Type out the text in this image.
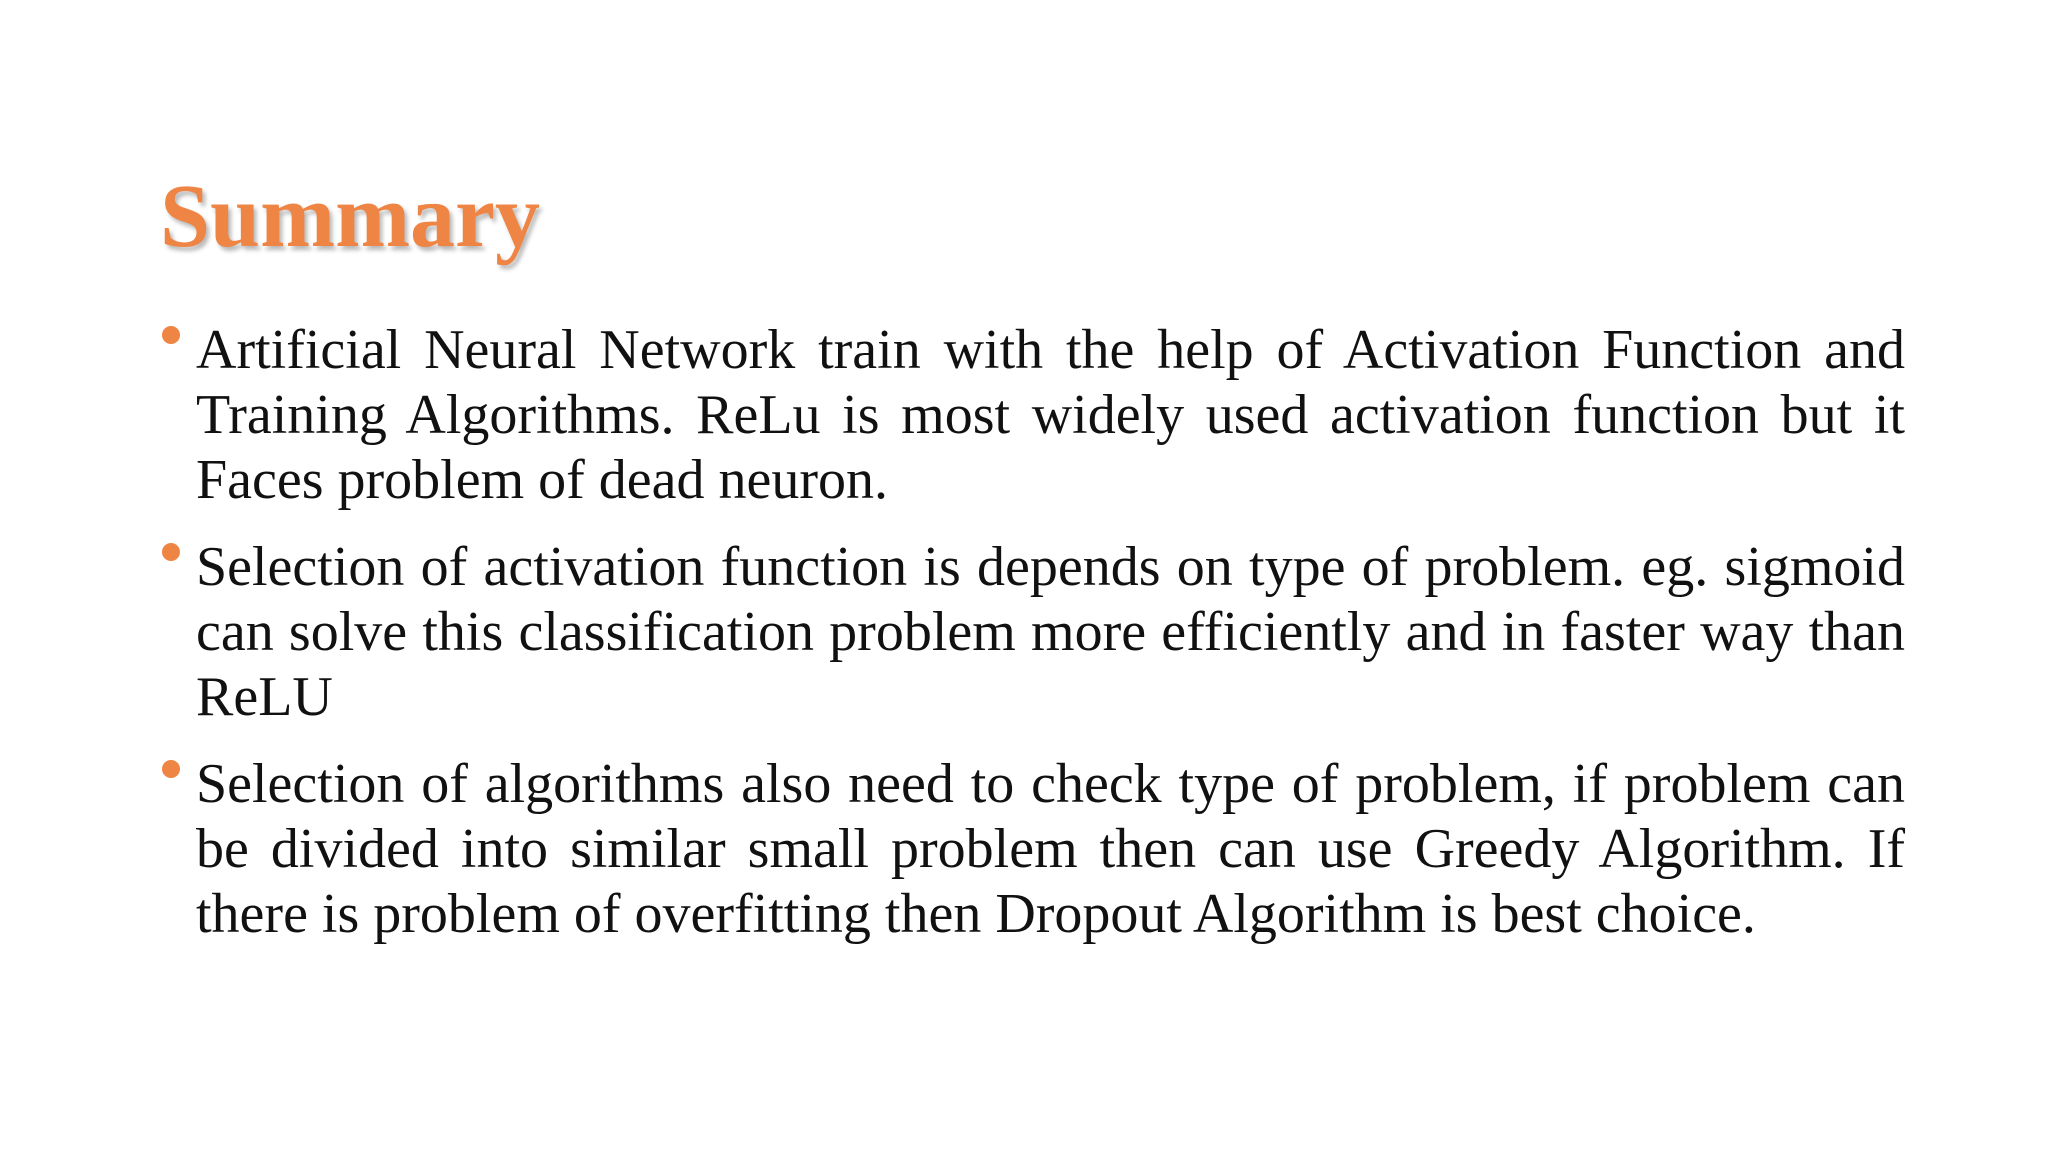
Summary
Artificial Neural Network train with the help of Activation Function and Training Algorithms. ReLu is most widely used activation function but it Faces problem of dead neuron.
Selection of activation function is depends on type of problem. eg. sigmoid can solve this classification problem more efficiently and in faster way than ReLU
Selection of algorithms also need to check type of problem, if problem can be divided into similar small problem then can use Greedy Algorithm. If there is problem of overfitting then Dropout Algorithm is best choice.
